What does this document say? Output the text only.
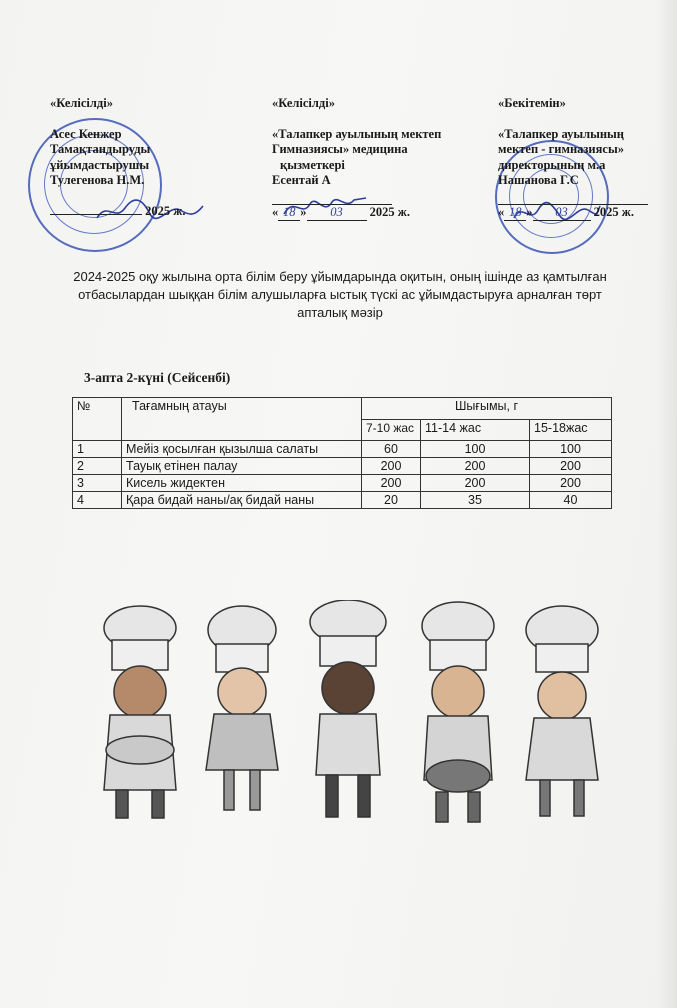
«Келісілді»
Асес Кенжер
Тамақтандыруды
ұйымдастырушы
Тулегенова Н.М.
2025 ж.
«Келісілді»
«Талапкер ауылының мектеп
Гимназиясы» медицина
қызметкері
Есентай А
« 18 » 03 2025 ж.
«Бекітемін»
«Талапкер ауылының
мектеп - гимназиясы»
директорының м.а
Нашанова Г.С
« 18 » 03 2025 ж.
2024-2025 оқу жылына орта білім беру ұйымдарында оқитын, оның ішінде аз қамтылған отбасылардан шыққан білім алушыларға ыстық түскі ас ұйымдастыруға арналған төрт апталық мәзір
3-апта 2-күні (Сейсенбі)
№	Тағамның атауы	Шығымы, г		
		7-10 жас	11-14 жас	15-18жас
1	Мейіз қосылған қызылша салаты	60	100	100
2	Тауық етінен палау	200	200	200
3	Кисель жидектен	200	200	200
4	Қара бидай наны/ақ бидай наны	20	35	40
